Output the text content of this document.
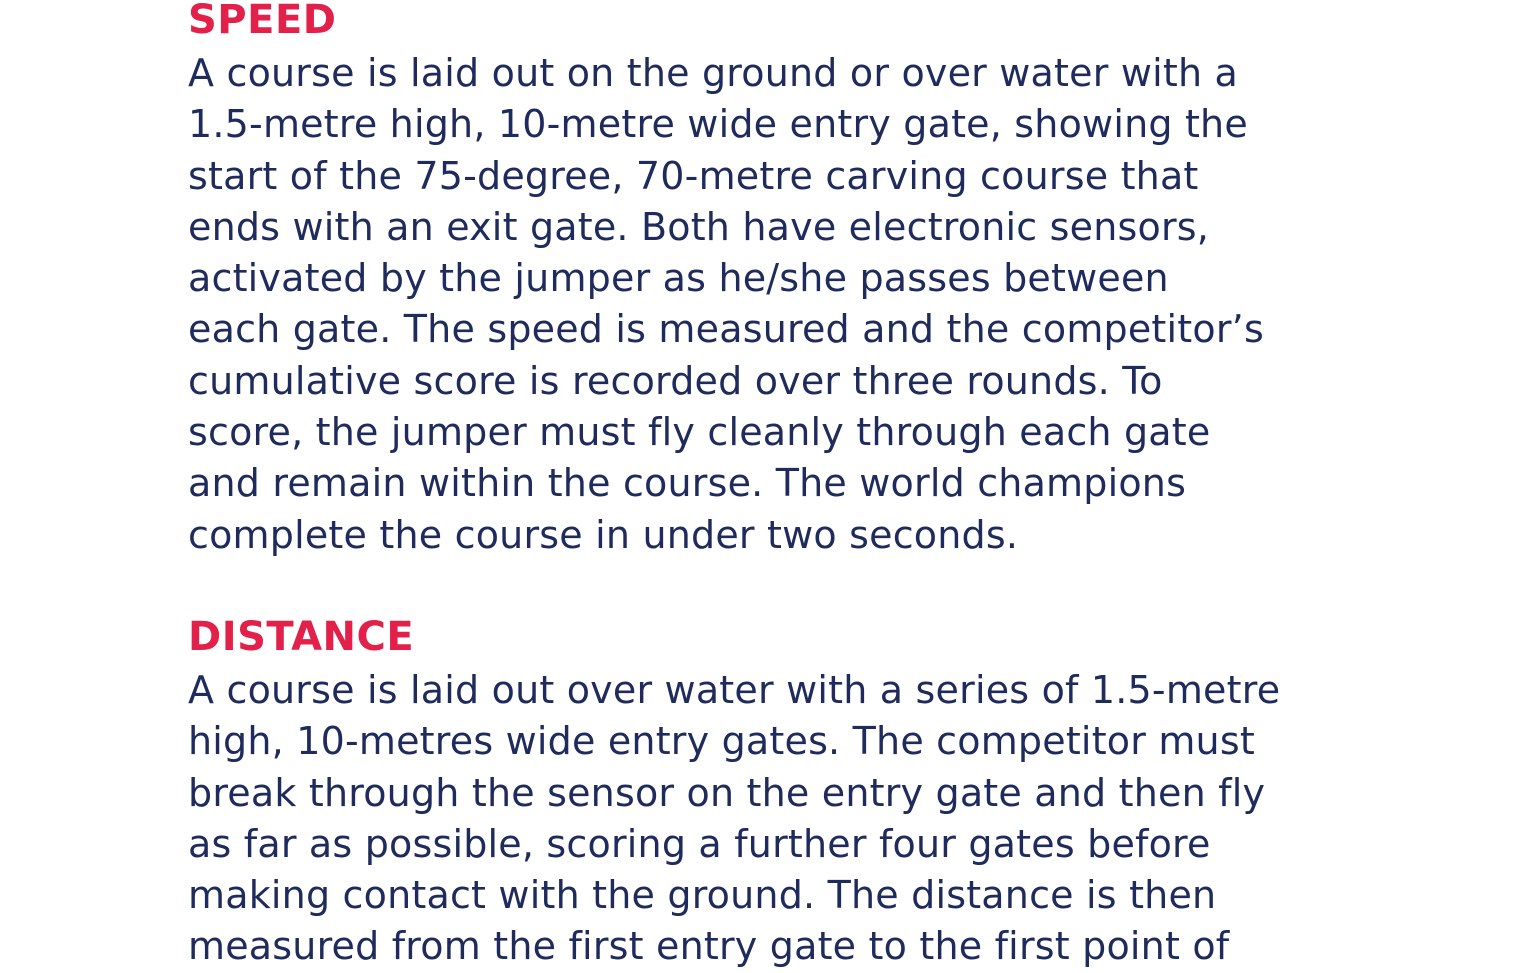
SPEED

A course is laid out on the ground or over water with a
1.5-metre high, 10-metre wide entry gate, showing the
start of the 75-degree, 70-metre carving course that
ends with an exit gate. Both have electronic sensors,
activated by the jumper as he/she passes between
each gate. The speed is measured and the competitor’s
cumulative score is recorded over three rounds. To
score, the jumper must fly cleanly through each gate
and remain within the course. The world champions
complete the course in under two seconds.

DISTANCE

A course is laid out over water with a series of 1.5-metre
high, 10-metres wide entry gates. The competitor must
break through the sensor on the entry gate and then fly
as far as possible, scoring a further four gates before
making contact with the ground. The distance is then
measured from the first entry gate to the first point of
